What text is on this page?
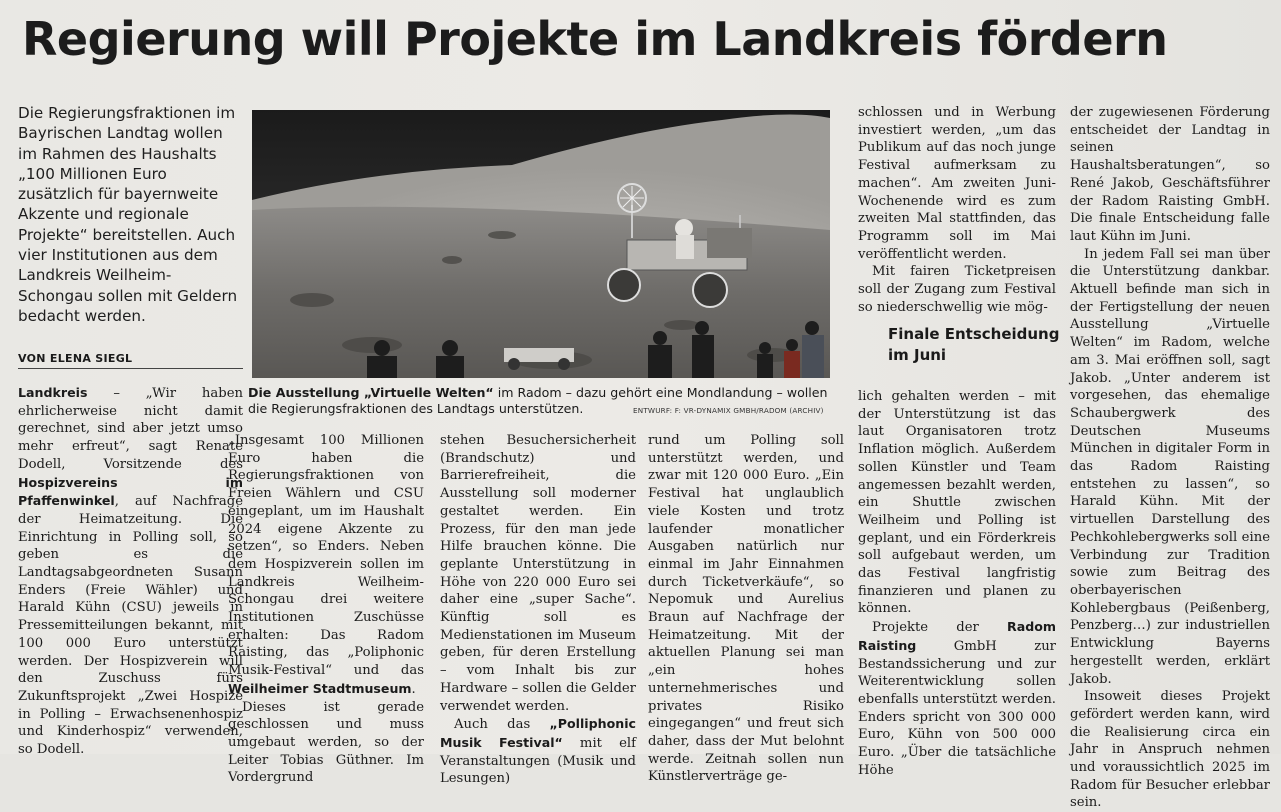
Regierung will Projekte im Landkreis fördern
Die Regierungsfraktionen im Bayrischen Landtag wollen im Rahmen des Haushalts „100 Millionen Euro zusätzlich für bayernweite Akzente und regionale Projekte“ bereitstellen. Auch vier Institutionen aus dem Landkreis Weilheim-Schongau sollen mit Geldern bedacht werden.
VON ELENA SIEGL
Die Ausstellung „Virtuelle Welten“ im Radom – dazu gehört eine Mondlandung – wollen die Regierungsfraktionen des Landtags unterstützen.	ENTWURF: F: VR-DYNAMIX GMBH/RADOM (ARCHIV)

Landkreis – „Wir haben ehrlicherweise nicht damit gerechnet, sind aber jetzt umso mehr erfreut“, sagt Renate Dodell, Vorsitzende des Hospizvereins im Pfaffenwinkel, auf Nachfrage der Heimatzeitung. Die Einrichtung in Polling soll, so geben es die Landtagsabgeordneten Susann Enders (Freie Wähler) und Harald Kühn (CSU) jeweils in Pressemitteilungen bekannt, mit 100 000 Euro unterstützt werden. Der Hospizverein will den Zuschuss fürs Zukunftsprojekt „Zwei Hospize in Polling – Erwachsenenhospiz und Kinderhospiz“ verwenden, so Dodell.

„Insgesamt 100 Millionen Euro haben die Regierungsfraktionen von Freien Wählern und CSU eingeplant, um im Haushalt 2024 eigene Akzente zu setzen“, so Enders. Neben dem Hospizverein sollen im Landkreis Weilheim-Schongau drei weitere Institutionen Zuschüsse erhalten: Das Radom Raisting, das „Poliphonic Musik-Festival“ und das Weilheimer Stadtmuseum.

Dieses ist gerade geschlossen und muss umgebaut werden, so der Leiter Tobias Güthner. Im Vordergrund

stehen Besuchersicherheit (Brandschutz) und Barrierefreiheit, die Ausstellung soll moderner gestaltet werden. Ein Prozess, für den man jede Hilfe brauchen könne. Die geplante Unterstützung in Höhe von 220 000 Euro sei daher eine „super Sache“. Künftig soll es Medienstationen im Museum geben, für deren Erstellung – vom Inhalt bis zur Hardware – sollen die Gelder verwendet werden.

Auch das „Polliphonic Musik Festival“ mit elf Veranstaltungen (Musik und Lesungen)

rund um Polling soll unterstützt werden, und zwar mit 120 000 Euro. „Ein Festival hat unglaublich viele Kosten und trotz laufender monatlicher Ausgaben natürlich nur einmal im Jahr Einnahmen durch Ticketverkäufe“, so Nepomuk und Aurelius Braun auf Nachfrage der Heimatzeitung. Mit der aktuellen Planung sei man „ein hohes unternehmerisches und privates Risiko eingegangen“ und freut sich daher, dass der Mut belohnt werde. Zeitnah sollen nun Künstlerverträge ge-

schlossen und in Werbung investiert werden, „um das Publikum auf das noch junge Festival aufmerksam zu machen“. Am zweiten Juni-Wochenende wird es zum zweiten Mal stattfinden, das Programm soll im Mai veröffentlicht werden.

Mit fairen Ticketpreisen soll der Zugang zum Festival so niederschwellig wie mög-

Finale Entscheidung im Juni

lich gehalten werden – mit der Unterstützung ist das laut Organisatoren trotz Inflation möglich. Außerdem sollen Künstler und Team angemessen bezahlt werden, ein Shuttle zwischen Weilheim und Polling ist geplant, und ein Förderkreis soll aufgebaut werden, um das Festival langfristig finanzieren und planen zu können.

Projekte der Radom Raisting GmbH zur Bestandssicherung und zur Weiterentwicklung sollen ebenfalls unterstützt werden. Enders spricht von 300 000 Euro, Kühn von 500 000 Euro. „Über die tatsächliche Höhe

der zugewiesenen Förderung entscheidet der Landtag in seinen Haushaltsberatungen“, so René Jakob, Geschäftsführer der Radom Raisting GmbH. Die finale Entscheidung falle laut Kühn im Juni.

In jedem Fall sei man über die Unterstützung dankbar. Aktuell befinde man sich in der Fertigstellung der neuen Ausstellung „Virtuelle Welten“ im Radom, welche am 3. Mai eröffnen soll, sagt Jakob. „Unter anderem ist vorgesehen, das ehemalige Schaubergwerk des Deutschen Museums München in digitaler Form in das Radom Raisting entstehen zu lassen“, so Harald Kühn. Mit der virtuellen Darstellung des Pechkohlebergwerks soll eine Verbindung zur Tradition sowie zum Beitrag des oberbayerischen Kohlebergbaus (Peißenberg, Penzberg…) zur industriellen Entwicklung Bayerns hergestellt werden, erklärt Jakob.

Insoweit dieses Projekt gefördert werden kann, wird die Realisierung circa ein Jahr in Anspruch nehmen und voraussichtlich 2025 im Radom für Besucher erlebbar sein.
